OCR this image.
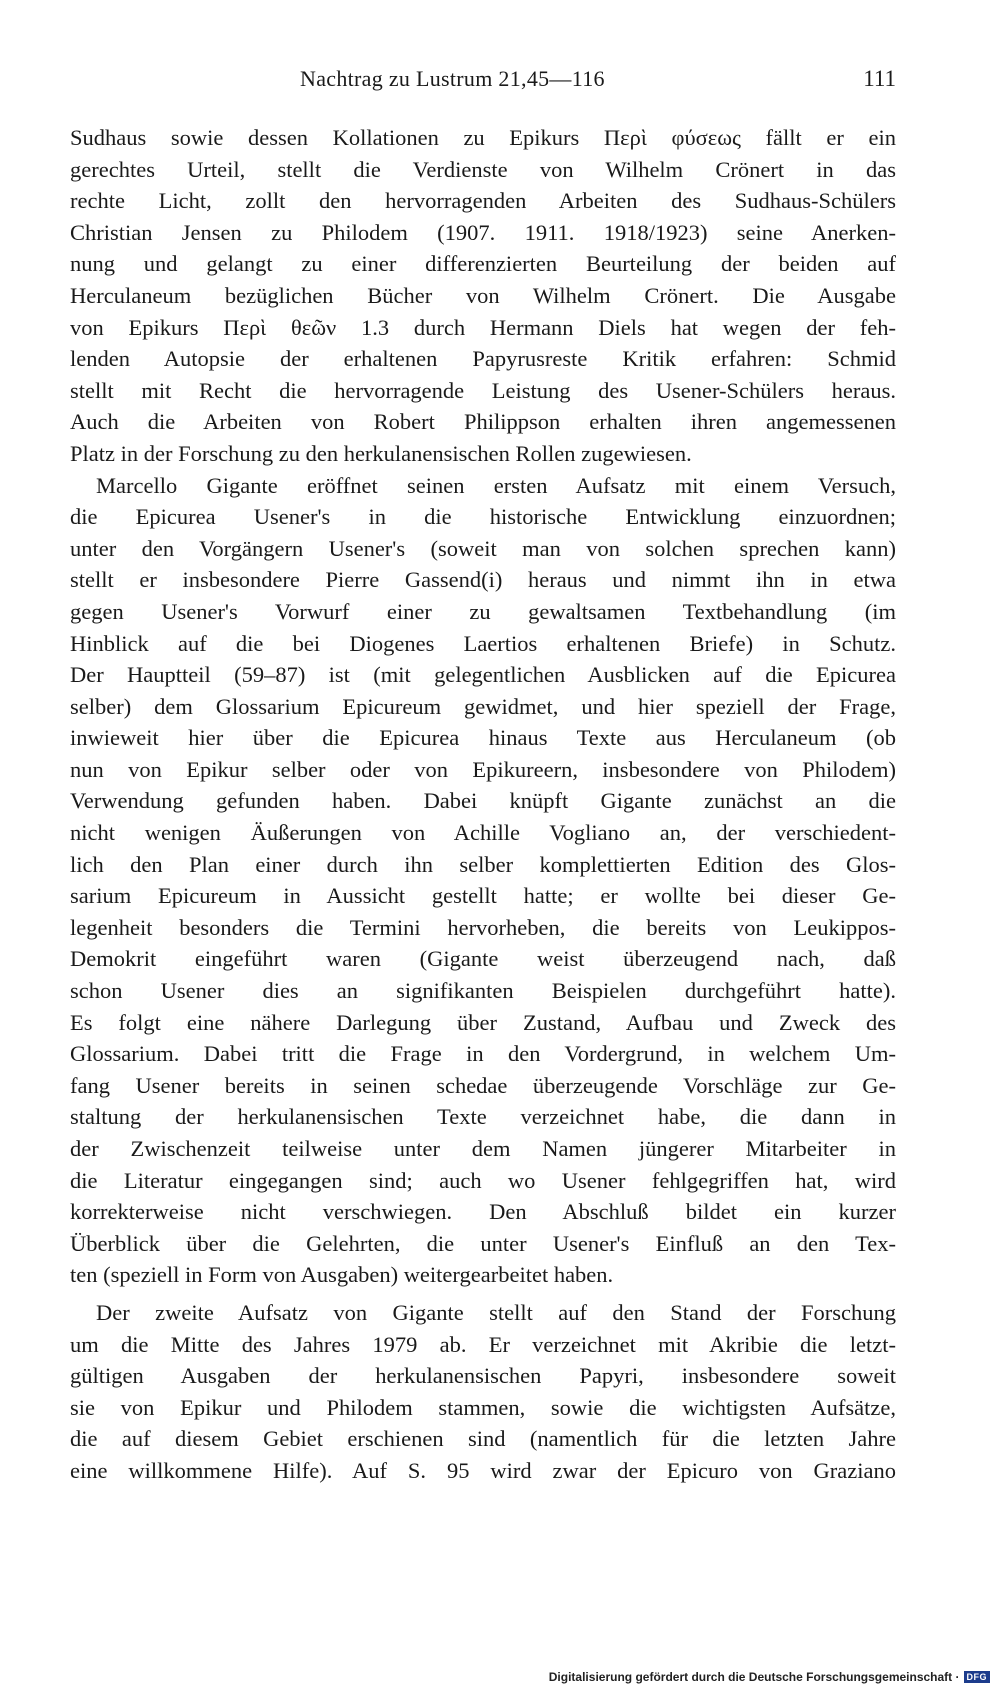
Nachtrag zu Lustrum 21,45—116	111
Sudhaus sowie dessen Kollationen zu Epikurs Περὶ φύσεως fällt er ein
gerechtes Urteil, stellt die Verdienste von Wilhelm Crönert in das
rechte Licht, zollt den hervorragenden Arbeiten des Sudhaus-Schülers
Christian Jensen zu Philodem (1907. 1911. 1918/1923) seine Anerken-
nung und gelangt zu einer differenzierten Beurteilung der beiden auf
Herculaneum bezüglichen Bücher von Wilhelm Crönert. Die Ausgabe
von Epikurs Περὶ θεῶν 1.3 durch Hermann Diels hat wegen der feh-
lenden Autopsie der erhaltenen Papyrusreste Kritik erfahren: Schmid
stellt mit Recht die hervorragende Leistung des Usener-Schülers heraus.
Auch die Arbeiten von Robert Philippson erhalten ihren angemessenen
Platz in der Forschung zu den herkulanensischen Rollen zugewiesen.
Marcello Gigante eröffnet seinen ersten Aufsatz mit einem Versuch,
die Epicurea Usener's in die historische Entwicklung einzuordnen;
unter den Vorgängern Usener's (soweit man von solchen sprechen kann)
stellt er insbesondere Pierre Gassend(i) heraus und nimmt ihn in etwa
gegen Usener's Vorwurf einer zu gewaltsamen Textbehandlung (im
Hinblick auf die bei Diogenes Laertios erhaltenen Briefe) in Schutz.
Der Hauptteil (59–87) ist (mit gelegentlichen Ausblicken auf die Epicurea
selber) dem Glossarium Epicureum gewidmet, und hier speziell der Frage,
inwieweit hier über die Epicurea hinaus Texte aus Herculaneum (ob
nun von Epikur selber oder von Epikureern, insbesondere von Philodem)
Verwendung gefunden haben. Dabei knüpft Gigante zunächst an die
nicht wenigen Äußerungen von Achille Vogliano an, der verschiedent-
lich den Plan einer durch ihn selber komplettierten Edition des Glos-
sarium Epicureum in Aussicht gestellt hatte; er wollte bei dieser Ge-
legenheit besonders die Termini hervorheben, die bereits von Leukippos-
Demokrit eingeführt waren (Gigante weist überzeugend nach, daß
schon Usener dies an signifikanten Beispielen durchgeführt hatte).
Es folgt eine nähere Darlegung über Zustand, Aufbau und Zweck des
Glossarium. Dabei tritt die Frage in den Vordergrund, in welchem Um-
fang Usener bereits in seinen schedae überzeugende Vorschläge zur Ge-
staltung der herkulanensischen Texte verzeichnet habe, die dann in
der Zwischenzeit teilweise unter dem Namen jüngerer Mitarbeiter in
die Literatur eingegangen sind; auch wo Usener fehlgegriffen hat, wird
korrekterweise nicht verschwiegen. Den Abschluß bildet ein kurzer
Überblick über die Gelehrten, die unter Usener's Einfluß an den Tex-
ten (speziell in Form von Ausgaben) weitergearbeitet haben.
Der zweite Aufsatz von Gigante stellt auf den Stand der Forschung
um die Mitte des Jahres 1979 ab. Er verzeichnet mit Akribie die letzt-
gültigen Ausgaben der herkulanensischen Papyri, insbesondere soweit
sie von Epikur und Philodem stammen, sowie die wichtigsten Aufsätze,
die auf diesem Gebiet erschienen sind (namentlich für die letzten Jahre
eine willkommene Hilfe). Auf S. 95 wird zwar der Epicuro von Graziano
Digitalisierung gefördert durch die Deutsche Forschungsgemeinschaft · DFG
